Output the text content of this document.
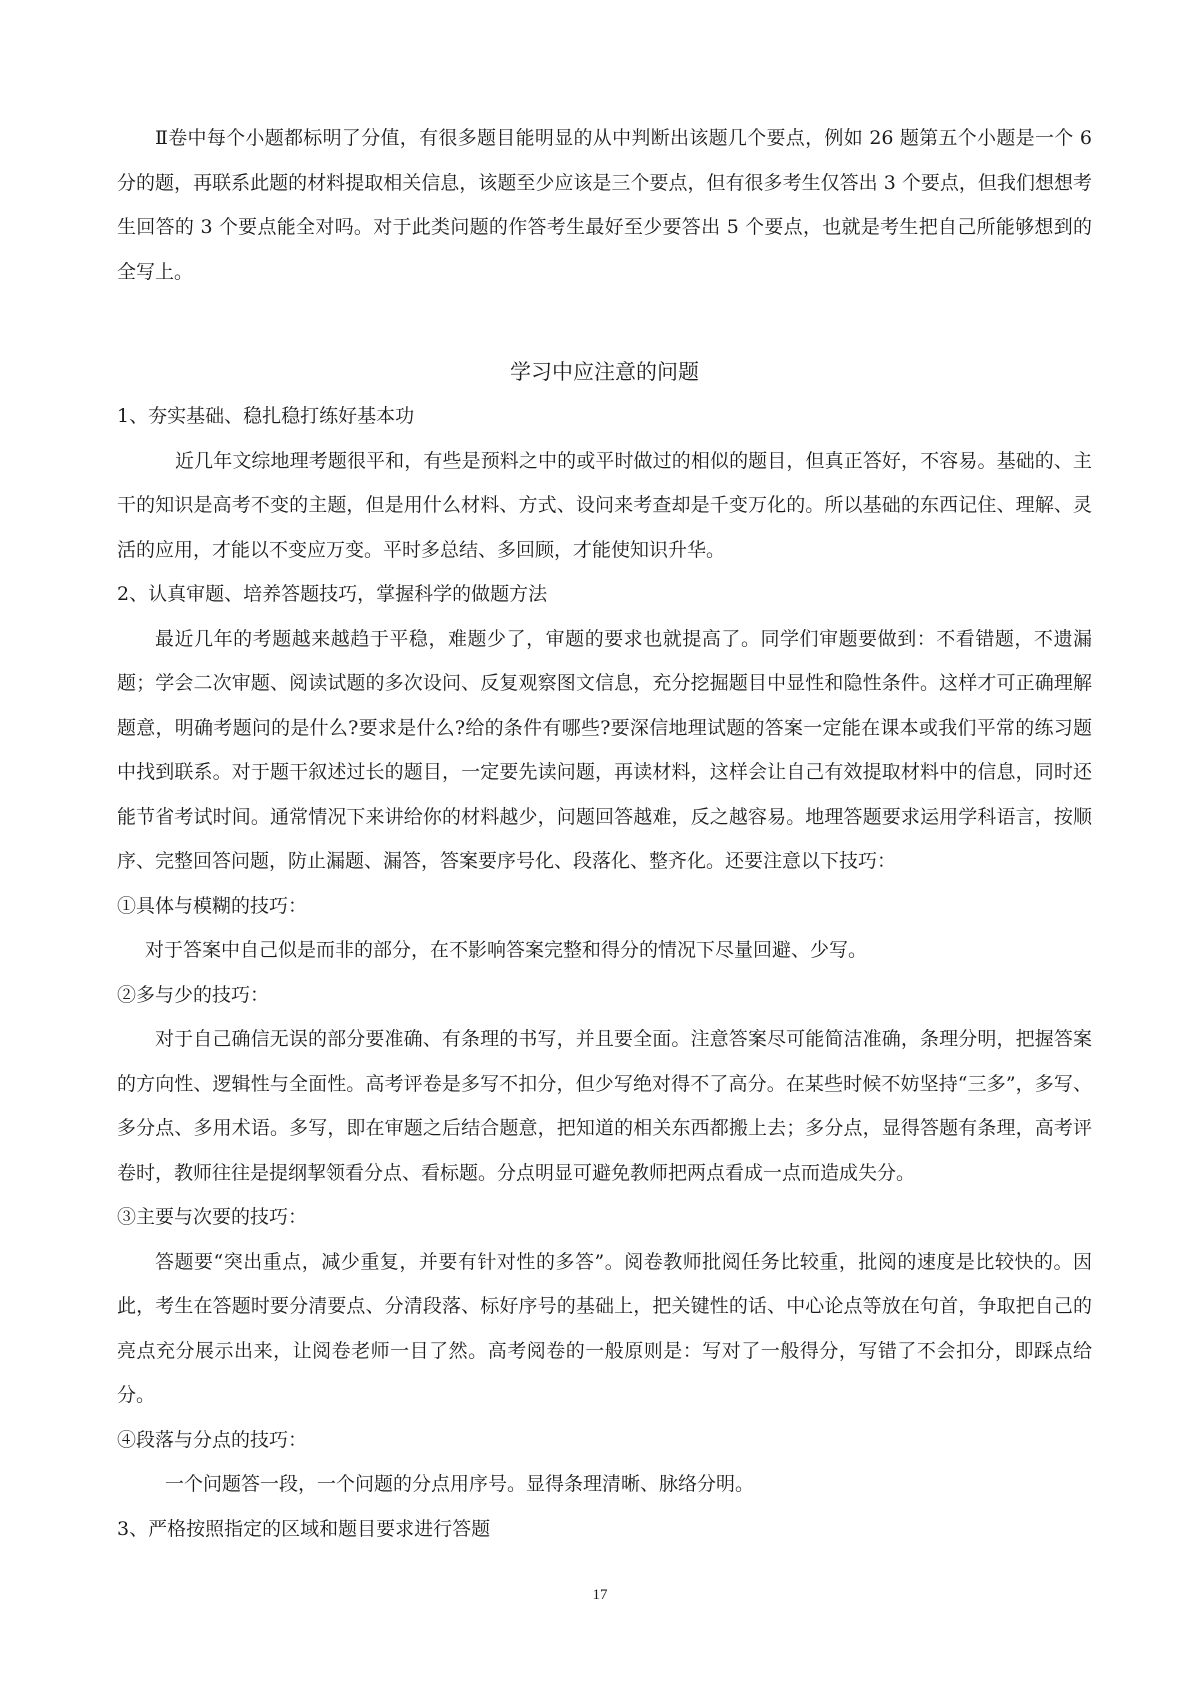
Ⅱ卷中每个小题都标明了分值，有很多题目能明显的从中判断出该题几个要点，例如 26 题第五个小题是一个 6 分的题，再联系此题的材料提取相关信息，该题至少应该是三个要点，但有很多考生仅答出 3 个要点，但我们想想考生回答的 3 个要点能全对吗。对于此类问题的作答考生最好至少要答出 5 个要点，也就是考生把自己所能够想到的全写上。

学习中应注意的问题

1、夯实基础、稳扎稳打练好基本功

近几年文综地理考题很平和，有些是预料之中的或平时做过的相似的题目，但真正答好，不容易。基础的、主干的知识是高考不变的主题，但是用什么材料、方式、设问来考查却是千变万化的。所以基础的东西记住、理解、灵活的应用，才能以不变应万变。平时多总结、多回顾，才能使知识升华。

2、认真审题、培养答题技巧，掌握科学的做题方法

最近几年的考题越来越趋于平稳，难题少了，审题的要求也就提高了。同学们审题要做到：不看错题，不遗漏题；学会二次审题、阅读试题的多次设问、反复观察图文信息，充分挖掘题目中显性和隐性条件。这样才可正确理解题意，明确考题问的是什么?要求是什么?给的条件有哪些?要深信地理试题的答案一定能在课本或我们平常的练习题中找到联系。对于题干叙述过长的题目，一定要先读问题，再读材料，这样会让自己有效提取材料中的信息，同时还能节省考试时间。通常情况下来讲给你的材料越少，问题回答越难，反之越容易。地理答题要求运用学科语言，按顺序、完整回答问题，防止漏题、漏答，答案要序号化、段落化、整齐化。还要注意以下技巧：

①具体与模糊的技巧：

对于答案中自己似是而非的部分，在不影响答案完整和得分的情况下尽量回避、少写。

②多与少的技巧：

对于自己确信无误的部分要准确、有条理的书写，并且要全面。注意答案尽可能简洁准确，条理分明，把握答案的方向性、逻辑性与全面性。高考评卷是多写不扣分，但少写绝对得不了高分。在某些时候不妨坚持“三多”，多写、多分点、多用术语。多写，即在审题之后结合题意，把知道的相关东西都搬上去；多分点，显得答题有条理，高考评卷时，教师往往是提纲挈领看分点、看标题。分点明显可避免教师把两点看成一点而造成失分。

③主要与次要的技巧：

答题要“突出重点，减少重复，并要有针对性的多答”。阅卷教师批阅任务比较重，批阅的速度是比较快的。因此，考生在答题时要分清要点、分清段落、标好序号的基础上，把关键性的话、中心论点等放在句首，争取把自己的亮点充分展示出来，让阅卷老师一目了然。高考阅卷的一般原则是：写对了一般得分，写错了不会扣分，即踩点给分。

④段落与分点的技巧：

一个问题答一段，一个问题的分点用序号。显得条理清晰、脉络分明。

3、严格按照指定的区域和题目要求进行答题

17
